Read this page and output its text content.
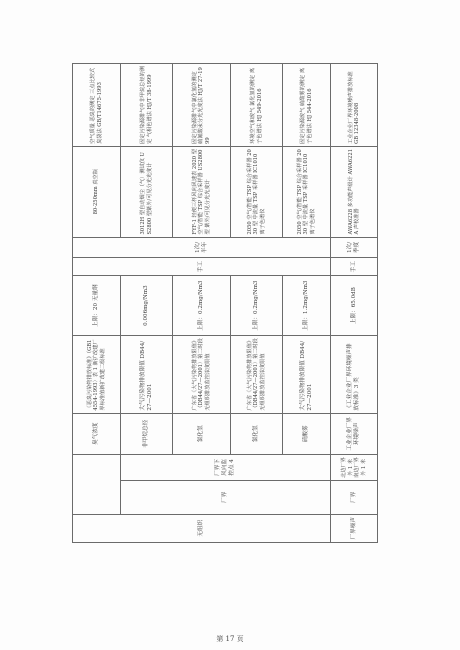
无组织			臭气浓度	《恶臭污染物排放标准》（GB14554-1993）表 1 新扩改建厂界标准值新扩改建二级标准	上限：20 无量纲	手工	1次/半年	80-250mm 真空瓶	空气质量 恶臭的测定 三点比较式臭袋法 GB/T14675-1993
	厂界	厂界下风向监控点 4	非甲烷总烃	大气污染物排放限值 DB44/ 27—2001	0.006mg/Nm3			3012H 型自动烟尘（气）测试仪 US2800 型紫外/可见分光光度计	固定污染源排气中非甲烷总烃的测定 气相色谱法 HJ/T 38-1999
			氯化氢	广东省《大气污染物排放限值》（DB44/27—2001）第二时段无组织排放监控浓度限值	上限：0.2mg/Nm3			FYF-1 轻便三杯风向风速表 2020 型 空气/智能 TSP 综合采样器 US2800 型 紫外/可见分光光度计	固定污染源排气中氯化氢的测定 硫氰酸汞分光光度法 HJ/T 27-1999
			氯化氢	广东省《大气污染物排放限值》（DB44/27—2001）第二时段无组织排放监控浓度限值	上限：0.2mg/Nm3			2050 空气/智能 TSP 综合采样器 2030 型 中流量 TSP 采样器 IC1010 离子色谱仪	环境空气和废气 氯化氢的测定 离子色谱法 HJ 549-2016
			硫酸雾	大气污染物排放限值 DB44/ 27—2001	上限：1.2mg/Nm3			2050 空气/智能 TSP 综合采样器 2030 型 中流量 TSP 采样器 IC1010 离子色谱仪	固定污染源废气 硫酸雾的测定 离子色谱法 HJ 544-2016
厂界噪声	厂界	北边厂界外 1 米 南边厂界外 1 米	工业企业厂界环境噪声	《工业企业厂界环境噪声排放标准》3 类	上限：65.0dB	手工	1次/季度	AWA6228 多功能声级计 AWA6221A 声校准器	工业企业厂界环境噪声排放标准 GB 12348-2008
第 17 页
